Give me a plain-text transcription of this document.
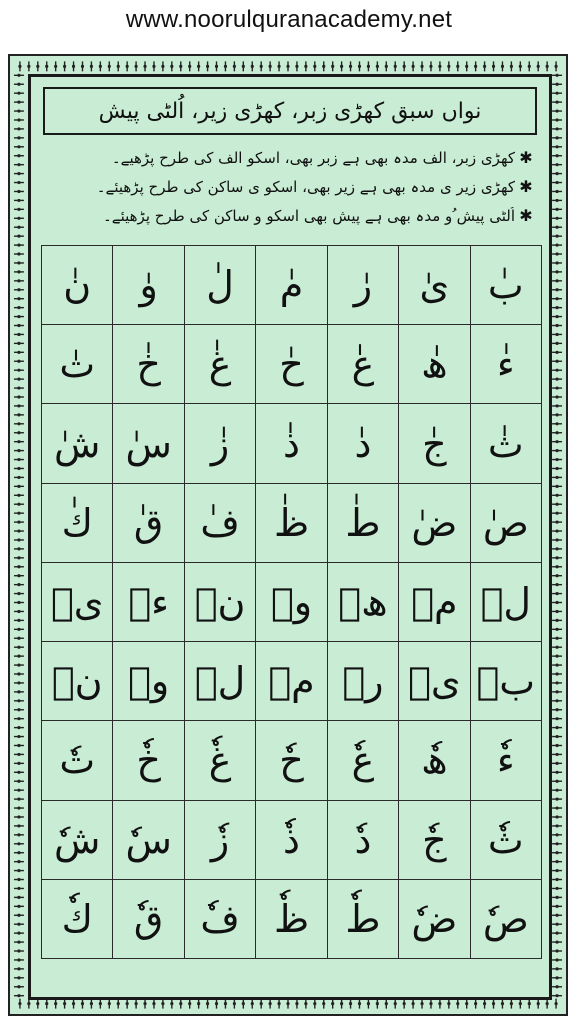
www.noorulquranacademy.net
نواں سبق کھڑی زبر، کھڑی زیر، اُلٹی پیش
✱
کھڑی زبر، الف مدہ بھی ہے زبر بھی، اسکو الف کی طرح پڑھیے۔
✱
کھڑی زیر ی مدہ بھی ہے زیر بھی، اسکو ی ساکن کی طرح پڑھیئے۔
✱
اُلٹی پیش ُو مدہ بھی ہے پیش بھی اسکو و ساکن کی طرح پڑھیئے۔
بٰ
یٰ
رٰ
مٰ
لٰ
وٰ
نٰ
ءٰ
ھٰ
عٰ
حٰ
غٰ
خٰ
تٰ
ثٰ
جٰ
دٰ
ذٰ
زٰ
سٰ
شٰ
صٰ
ضٰ
طٰ
ظٰ
فٰ
قٰ
كٰ
لٖ
مٖ
ھٖ
وٖ
نٖ
ءٖ
یٖ
بٖ
یٖ
رٖ
مٖ
لٖ
وٖ
نٖ
ءٗ
ھٗ
عٗ
حٗ
غٗ
خٗ
تٗ
ثٗ
جٗ
دٗ
ذٗ
زٗ
سٗ
شٗ
صٗ
ضٗ
طٗ
ظٗ
فٗ
قٗ
كٗ
